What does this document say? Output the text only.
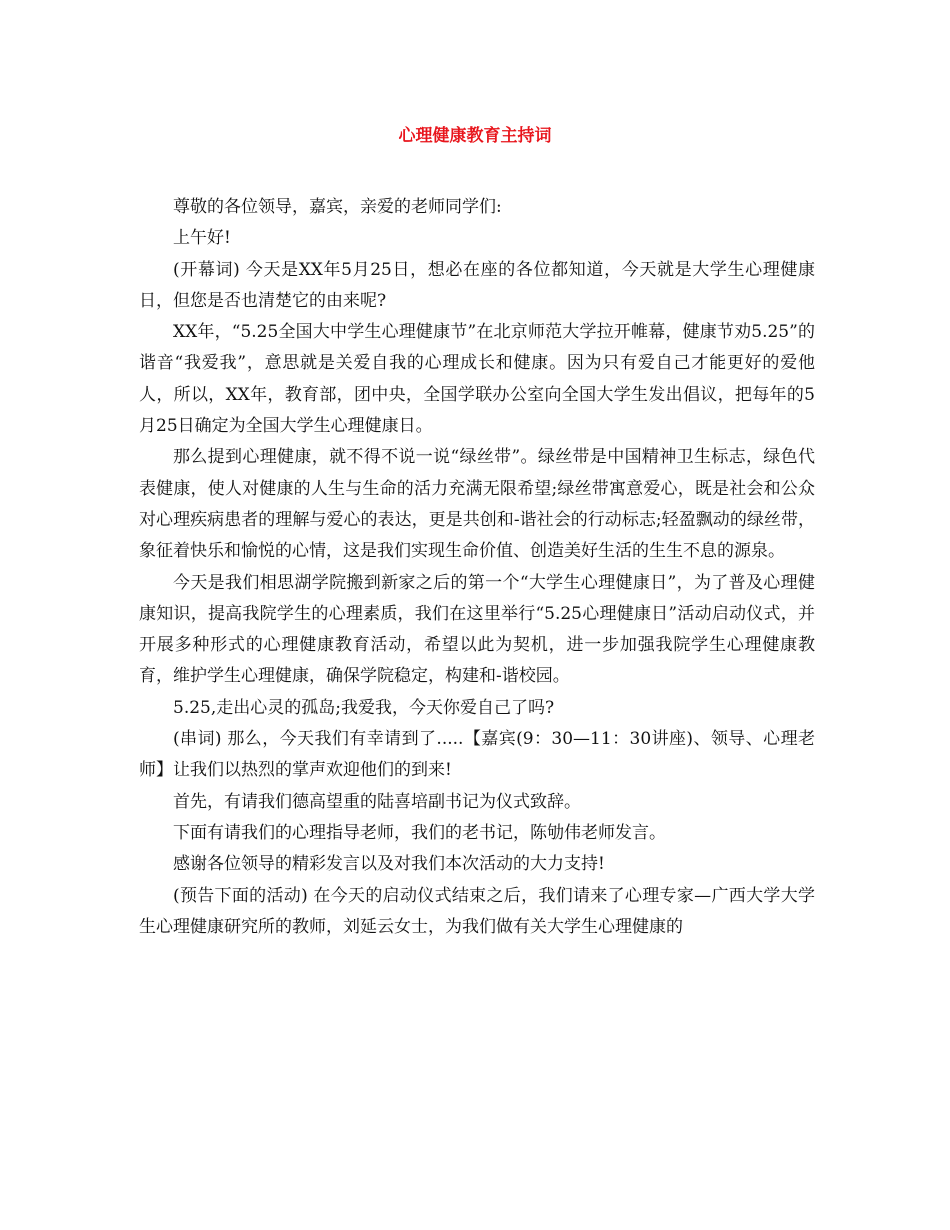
心理健康教育主持词

尊敬的各位领导，嘉宾，亲爱的老师同学们:

上午好!

(开幕词) 今天是XX年5月25日，想必在座的各位都知道，今天就是大学生心理健康日，但您是否也清楚它的由来呢?

XX年，“5.25全国大中学生心理健康节”在北京师范大学拉开帷幕，健康节劝5.25”的谐音“我爱我”，意思就是关爱自我的心理成长和健康。因为只有爱自己才能更好的爱他人，所以，XX年，教育部，团中央，全国学联办公室向全国大学生发出倡议，把每年的5月25日确定为全国大学生心理健康日。

那么提到心理健康，就不得不说一说“绿丝带”。绿丝带是中国精神卫生标志，绿色代表健康，使人对健康的人生与生命的活力充满无限希望;绿丝带寓意爱心，既是社会和公众对心理疾病患者的理解与爱心的表达，更是共创和-谐社会的行动标志;轻盈飘动的绿丝带，象征着快乐和愉悦的心情，这是我们实现生命价值、创造美好生活的生生不息的源泉。

今天是我们相思湖学院搬到新家之后的第一个“大学生心理健康日”，为了普及心理健康知识，提高我院学生的心理素质，我们在这里举行“5.25心理健康日”活动启动仪式，并开展多种形式的心理健康教育活动，希望以此为契机，进一步加强我院学生心理健康教育，维护学生心理健康，确保学院稳定，构建和-谐校园。

5.25,走出心灵的孤岛;我爱我，今天你爱自己了吗?

(串词) 那么，今天我们有幸请到了.....【嘉宾(9：30—11：30讲座)、领导、心理老师】让我们以热烈的掌声欢迎他们的到来!

首先，有请我们德高望重的陆喜培副书记为仪式致辞。

下面有请我们的心理指导老师，我们的老书记，陈劬伟老师发言。

感谢各位领导的精彩发言以及对我们本次活动的大力支持!

(预告下面的活动) 在今天的启动仪式结束之后，我们请来了心理专家—广西大学大学生心理健康研究所的教师，刘延云女士，为我们做有关大学生心理健康的
